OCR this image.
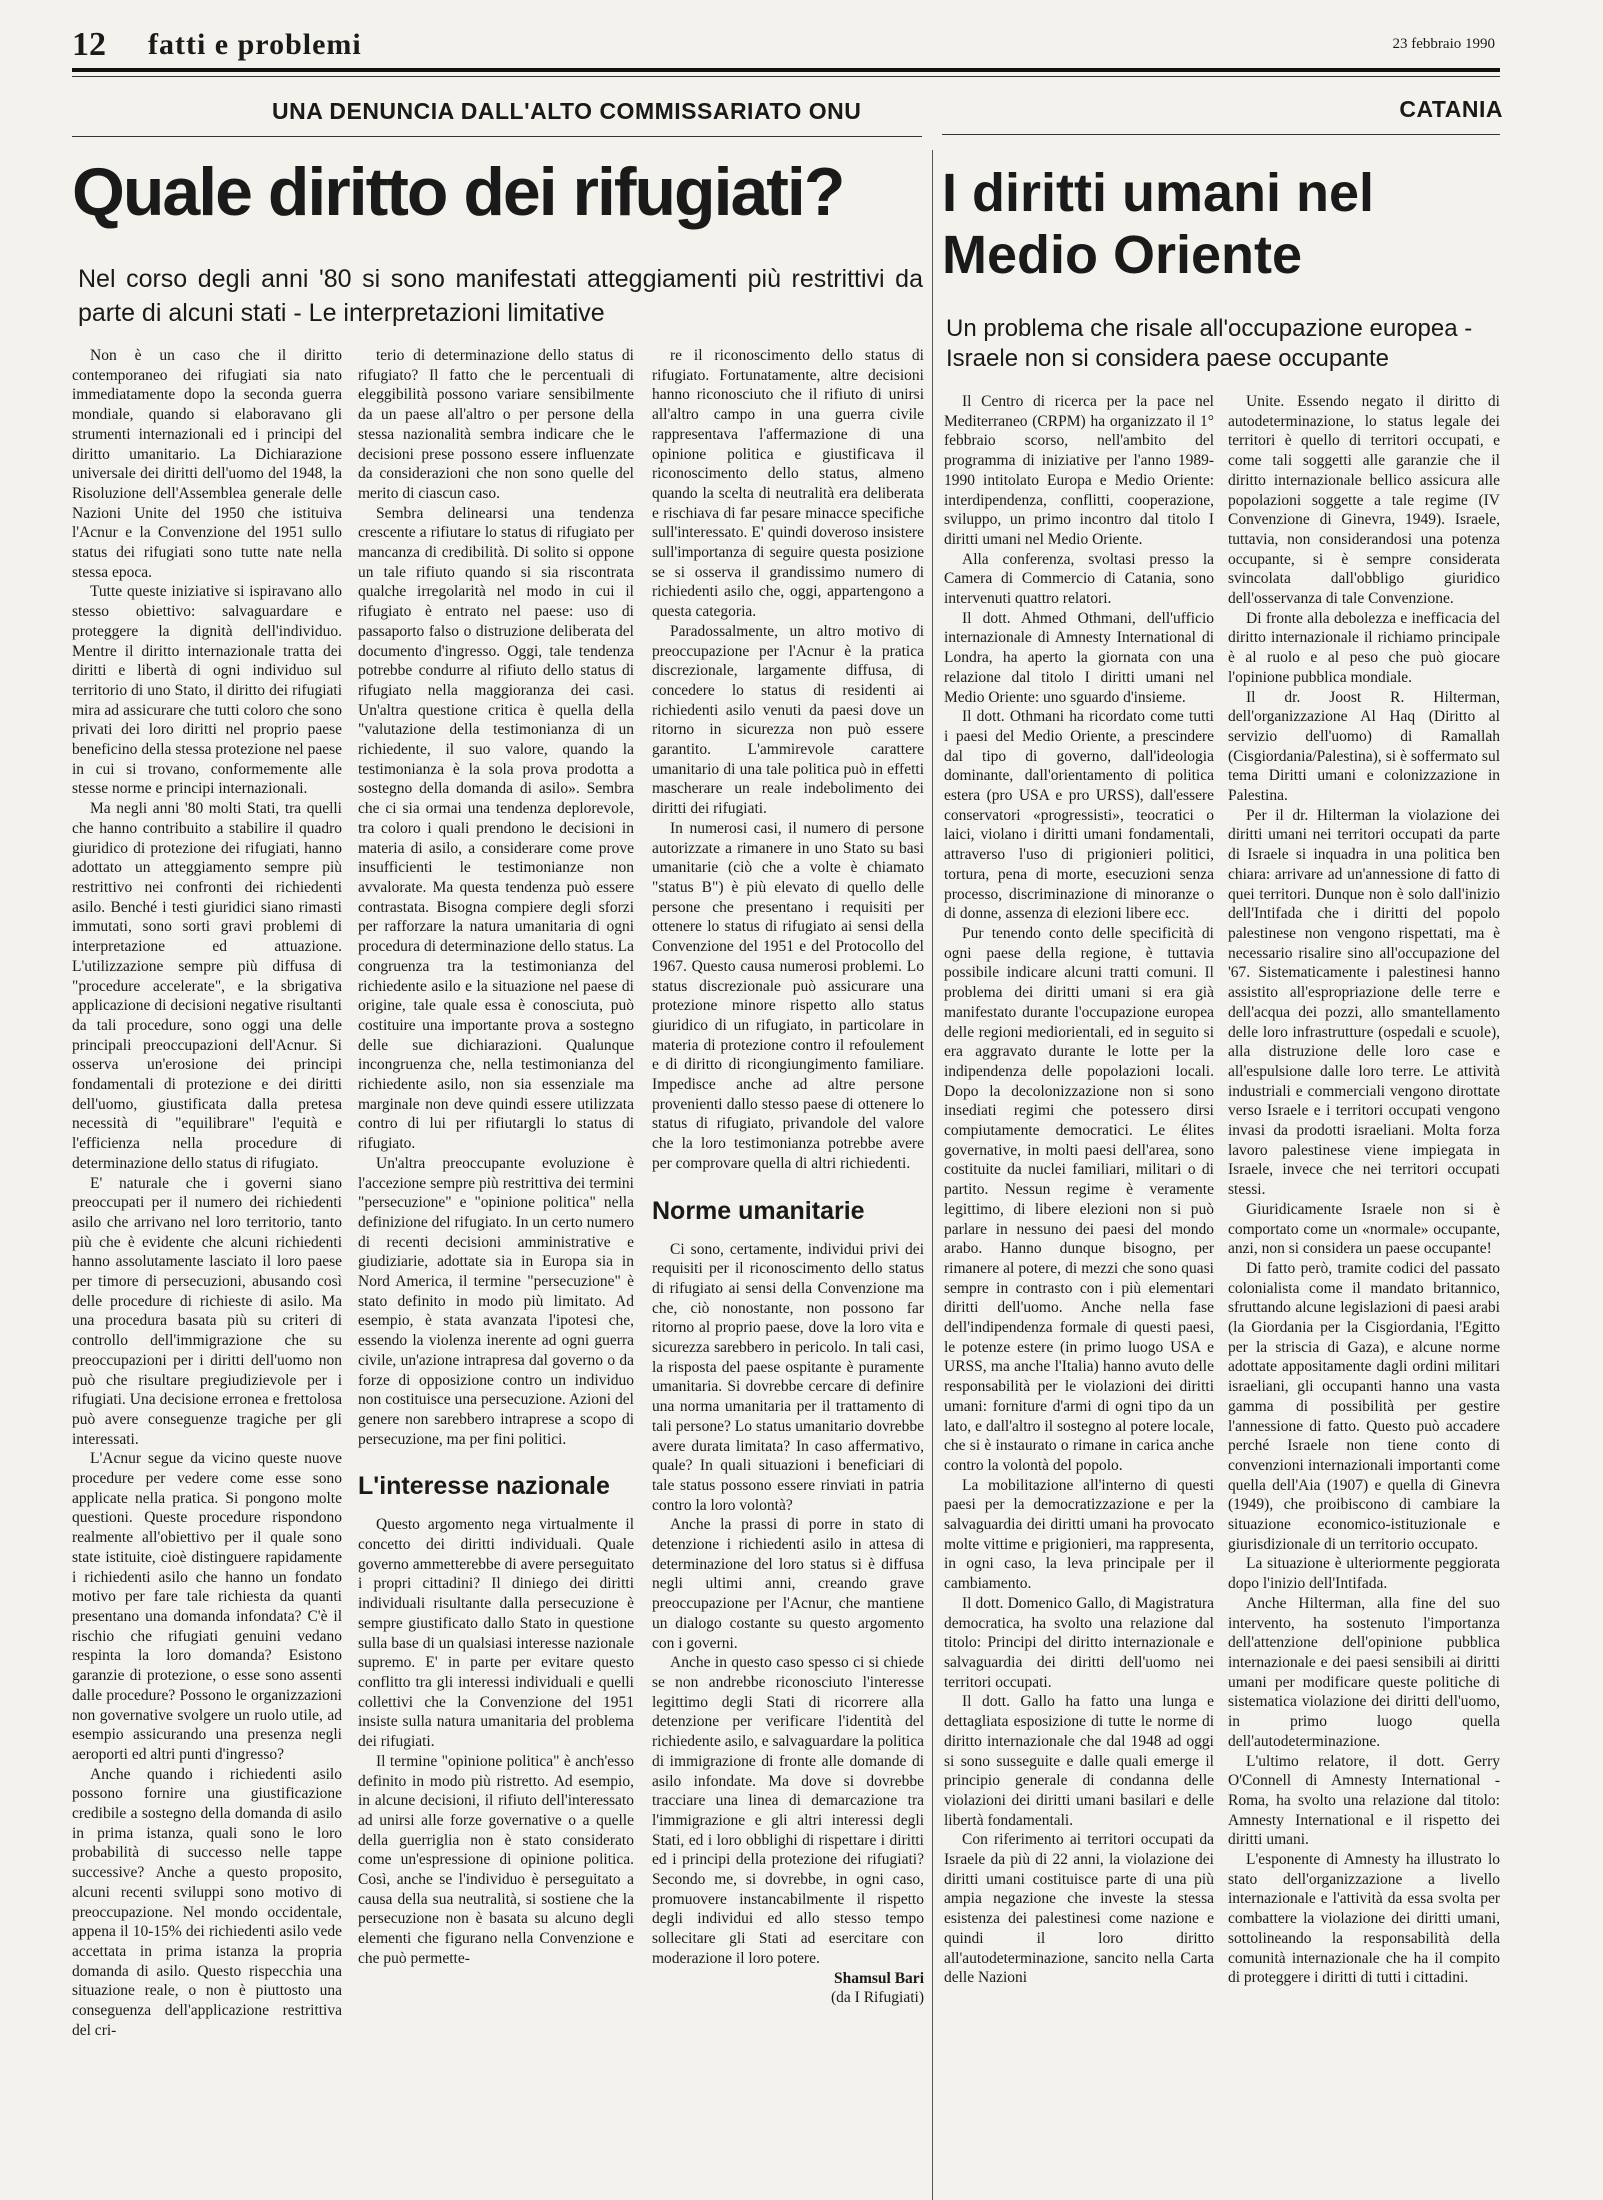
12 fatti e problemi	23 febbraio 1990
UNA DENUNCIA DALL'ALTO COMMISSARIATO ONU
Quale diritto dei rifugiati?
Nel corso degli anni '80 si sono manifestati atteggiamenti più restrittivi da parte di alcuni stati - Le interpretazioni limitative

Non è un caso che il diritto contemporaneo dei rifugiati sia nato immediatamente dopo la seconda guerra mondiale, quando si elaboravano gli strumenti internazionali ed i principi del diritto umanitario. La Dichiarazione universale dei diritti dell'uomo del 1948, la Risoluzione dell'Assemblea generale delle Nazioni Unite del 1950 che istituiva l'Acnur e la Convenzione del 1951 sullo status dei rifugiati sono tutte nate nella stessa epoca.

Tutte queste iniziative si ispiravano allo stesso obiettivo: salvaguardare e proteggere la dignità dell'individuo. Mentre il diritto internazionale tratta dei diritti e libertà di ogni individuo sul territorio di uno Stato, il diritto dei rifugiati mira ad assicurare che tutti coloro che sono privati dei loro diritti nel proprio paese beneficino della stessa protezione nel paese in cui si trovano, conformemente alle stesse norme e principi internazionali.

Ma negli anni '80 molti Stati, tra quelli che hanno contribuito a stabilire il quadro giuridico di protezione dei rifugiati, hanno adottato un atteggiamento sempre più restrittivo nei confronti dei richiedenti asilo. Benché i testi giuridici siano rimasti immutati, sono sorti gravi problemi di interpretazione ed attuazione. L'utilizzazione sempre più diffusa di "procedure accelerate", e la sbrigativa applicazione di decisioni negative risultanti da tali procedure, sono oggi una delle principali preoccupazioni dell'Acnur. Si osserva un'erosione dei principi fondamentali di protezione e dei diritti dell'uomo, giustificata dalla pretesa necessità di "equilibrare" l'equità e l'efficienza nella procedure di determinazione dello status di rifugiato.

E' naturale che i governi siano preoccupati per il numero dei richiedenti asilo che arrivano nel loro territorio, tanto più che è evidente che alcuni richiedenti hanno assolutamente lasciato il loro paese per timore di persecuzioni, abusando così delle procedure di richieste di asilo. Ma una procedura basata più su criteri di controllo dell'immigrazione che su preoccupazioni per i diritti dell'uomo non può che risultare pregiudizievole per i rifugiati. Una decisione erronea e frettolosa può avere conseguenze tragiche per gli interessati.

L'Acnur segue da vicino queste nuove procedure per vedere come esse sono applicate nella pratica. Si pongono molte questioni. Queste procedure rispondono realmente all'obiettivo per il quale sono state istituite, cioè distinguere rapidamente i richiedenti asilo che hanno un fondato motivo per fare tale richiesta da quanti presentano una domanda infondata? C'è il rischio che rifugiati genuini vedano respinta la loro domanda? Esistono garanzie di protezione, o esse sono assenti dalle procedure? Possono le organizzazioni non governative svolgere un ruolo utile, ad esempio assicurando una presenza negli aeroporti ed altri punti d'ingresso?

Anche quando i richiedenti asilo possono fornire una giustificazione credibile a sostegno della domanda di asilo in prima istanza, quali sono le loro probabilità di successo nelle tappe successive? Anche a questo proposito, alcuni recenti sviluppi sono motivo di preoccupazione. Nel mondo occidentale, appena il 10-15% dei richiedenti asilo vede accettata in prima istanza la propria domanda di asilo. Questo rispecchia una situazione reale, o non è piuttosto una conseguenza dell'applicazione restrittiva del cri-

terio di determinazione dello status di rifugiato? Il fatto che le percentuali di eleggibilità possono variare sensibilmente da un paese all'altro o per persone della stessa nazionalità sembra indicare che le decisioni prese possono essere influenzate da considerazioni che non sono quelle del merito di ciascun caso.

Sembra delinearsi una tendenza crescente a rifiutare lo status di rifugiato per mancanza di credibilità. Di solito si oppone un tale rifiuto quando si sia riscontrata qualche irregolarità nel modo in cui il rifugiato è entrato nel paese: uso di passaporto falso o distruzione deliberata del documento d'ingresso. Oggi, tale tendenza potrebbe condurre al rifiuto dello status di rifugiato nella maggioranza dei casi. Un'altra questione critica è quella della "valutazione della testimonianza di un richiedente, il suo valore, quando la testimonianza è la sola prova prodotta a sostegno della domanda di asilo». Sembra che ci sia ormai una tendenza deplorevole, tra coloro i quali prendono le decisioni in materia di asilo, a considerare come prove insufficienti le testimonianze non avvalorate. Ma questa tendenza può essere contrastata. Bisogna compiere degli sforzi per rafforzare la natura umanitaria di ogni procedura di determinazione dello status. La congruenza tra la testimonianza del richiedente asilo e la situazione nel paese di origine, tale quale essa è conosciuta, può costituire una importante prova a sostegno delle sue dichiarazioni. Qualunque incongruenza che, nella testimonianza del richiedente asilo, non sia essenziale ma marginale non deve quindi essere utilizzata contro di lui per rifiutargli lo status di rifugiato.

Un'altra preoccupante evoluzione è l'accezione sempre più restrittiva dei termini "persecuzione" e "opinione politica" nella definizione del rifugiato. In un certo numero di recenti decisioni amministrative e giudiziarie, adottate sia in Europa sia in Nord America, il termine "persecuzione" è stato definito in modo più limitato. Ad esempio, è stata avanzata l'ipotesi che, essendo la violenza inerente ad ogni guerra civile, un'azione intrapresa dal governo o da forze di opposizione contro un individuo non costituisce una persecuzione. Azioni del genere non sarebbero intraprese a scopo di persecuzione, ma per fini politici.

L'interesse nazionale

Questo argomento nega virtualmente il concetto dei diritti individuali. Quale governo ammetterebbe di avere perseguitato i propri cittadini? Il diniego dei diritti individuali risultante dalla persecuzione è sempre giustificato dallo Stato in questione sulla base di un qualsiasi interesse nazionale supremo. E' in parte per evitare questo conflitto tra gli interessi individuali e quelli collettivi che la Convenzione del 1951 insiste sulla natura umanitaria del problema dei rifugiati.

Il termine "opinione politica" è anch'esso definito in modo più ristretto. Ad esempio, in alcune decisioni, il rifiuto dell'interessato ad unirsi alle forze governative o a quelle della guerriglia non è stato considerato come un'espressione di opinione politica. Così, anche se l'individuo è perseguitato a causa della sua neutralità, si sostiene che la persecuzione non è basata su alcuno degli elementi che figurano nella Convenzione e che può permette-

re il riconoscimento dello status di rifugiato. Fortunatamente, altre decisioni hanno riconosciuto che il rifiuto di unirsi all'altro campo in una guerra civile rappresentava l'affermazione di una opinione politica e giustificava il riconoscimento dello status, almeno quando la scelta di neutralità era deliberata e rischiava di far pesare minacce specifiche sull'interessato. E' quindi doveroso insistere sull'importanza di seguire questa posizione se si osserva il grandissimo numero di richiedenti asilo che, oggi, appartengono a questa categoria.

Paradossalmente, un altro motivo di preoccupazione per l'Acnur è la pratica discrezionale, largamente diffusa, di concedere lo status di residenti ai richiedenti asilo venuti da paesi dove un ritorno in sicurezza non può essere garantito. L'ammirevole carattere umanitario di una tale politica può in effetti mascherare un reale indebolimento dei diritti dei rifugiati.

In numerosi casi, il numero di persone autorizzate a rimanere in uno Stato su basi umanitarie (ciò che a volte è chiamato "status B") è più elevato di quello delle persone che presentano i requisiti per ottenere lo status di rifugiato ai sensi della Convenzione del 1951 e del Protocollo del 1967. Questo causa numerosi problemi. Lo status discrezionale può assicurare una protezione minore rispetto allo status giuridico di un rifugiato, in particolare in materia di protezione contro il refoulement e di diritto di ricongiungimento familiare. Impedisce anche ad altre persone provenienti dallo stesso paese di ottenere lo status di rifugiato, privandole del valore che la loro testimonianza potrebbe avere per comprovare quella di altri richiedenti.

Norme umanitarie

Ci sono, certamente, individui privi dei requisiti per il riconoscimento dello status di rifugiato ai sensi della Convenzione ma che, ciò nonostante, non possono far ritorno al proprio paese, dove la loro vita e sicurezza sarebbero in pericolo. In tali casi, la risposta del paese ospitante è puramente umanitaria. Si dovrebbe cercare di definire una norma umanitaria per il trattamento di tali persone? Lo status umanitario dovrebbe avere durata limitata? In caso affermativo, quale? In quali situazioni i beneficiari di tale status possono essere rinviati in patria contro la loro volontà?

Anche la prassi di porre in stato di detenzione i richiedenti asilo in attesa di determinazione del loro status si è diffusa negli ultimi anni, creando grave preoccupazione per l'Acnur, che mantiene un dialogo costante su questo argomento con i governi.

Anche in questo caso spesso ci si chiede se non andrebbe riconosciuto l'interesse legittimo degli Stati di ricorrere alla detenzione per verificare l'identità del richiedente asilo, e salvaguardare la politica di immigrazione di fronte alle domande di asilo infondate. Ma dove si dovrebbe tracciare una linea di demarcazione tra l'immigrazione e gli altri interessi degli Stati, ed i loro obblighi di rispettare i diritti ed i principi della protezione dei rifugiati? Secondo me, si dovrebbe, in ogni caso, promuovere instancabilmente il rispetto degli individui ed allo stesso tempo sollecitare gli Stati ad esercitare con moderazione il loro potere.

Shamsul Bari

(da I Rifugiati)

CATANIA
I diritti umani nel Medio Oriente
Un problema che risale all'occupazione europea - Israele non si considera paese occupante

Il Centro di ricerca per la pace nel Mediterraneo (CRPM) ha organizzato il 1° febbraio scorso, nell'ambito del programma di iniziative per l'anno 1989-1990 intitolato Europa e Medio Oriente: interdipendenza, conflitti, cooperazione, sviluppo, un primo incontro dal titolo I diritti umani nel Medio Oriente.

Alla conferenza, svoltasi presso la Camera di Commercio di Catania, sono intervenuti quattro relatori.

Il dott. Ahmed Othmani, dell'ufficio internazionale di Amnesty International di Londra, ha aperto la giornata con una relazione dal titolo I diritti umani nel Medio Oriente: uno sguardo d'insieme.

Il dott. Othmani ha ricordato come tutti i paesi del Medio Oriente, a prescindere dal tipo di governo, dall'ideologia dominante, dall'orientamento di politica estera (pro USA e pro URSS), dall'essere conservatori «progressisti», teocratici o laici, violano i diritti umani fondamentali, attraverso l'uso di prigionieri politici, tortura, pena di morte, esecuzioni senza processo, discriminazione di minoranze o di donne, assenza di elezioni libere ecc.

Pur tenendo conto delle specificità di ogni paese della regione, è tuttavia possibile indicare alcuni tratti comuni. Il problema dei diritti umani si era già manifestato durante l'occupazione europea delle regioni mediorientali, ed in seguito si era aggravato durante le lotte per la indipendenza delle popolazioni locali. Dopo la decolonizzazione non si sono insediati regimi che potessero dirsi compiutamente democratici. Le élites governative, in molti paesi dell'area, sono costituite da nuclei familiari, militari o di partito. Nessun regime è veramente legittimo, di libere elezioni non si può parlare in nessuno dei paesi del mondo arabo. Hanno dunque bisogno, per rimanere al potere, di mezzi che sono quasi sempre in contrasto con i più elementari diritti dell'uomo. Anche nella fase dell'indipendenza formale di questi paesi, le potenze estere (in primo luogo USA e URSS, ma anche l'Italia) hanno avuto delle responsabilità per le violazioni dei diritti umani: forniture d'armi di ogni tipo da un lato, e dall'altro il sostegno al potere locale, che si è instaurato o rimane in carica anche contro la volontà del popolo.

La mobilitazione all'interno di questi paesi per la democratizzazione e per la salvaguardia dei diritti umani ha provocato molte vittime e prigionieri, ma rappresenta, in ogni caso, la leva principale per il cambiamento.

Il dott. Domenico Gallo, di Magistratura democratica, ha svolto una relazione dal titolo: Principi del diritto internazionale e salvaguardia dei diritti dell'uomo nei territori occupati.

Il dott. Gallo ha fatto una lunga e dettagliata esposizione di tutte le norme di diritto internazionale che dal 1948 ad oggi si sono susseguite e dalle quali emerge il principio generale di condanna delle violazioni dei diritti umani basilari e delle libertà fondamentali.

Con riferimento ai territori occupati da Israele da più di 22 anni, la violazione dei diritti umani costituisce parte di una più ampia negazione che investe la stessa esistenza dei palestinesi come nazione e quindi il loro diritto all'autodeterminazione, sancito nella Carta delle Nazioni

Unite. Essendo negato il diritto di autodeterminazione, lo status legale dei territori è quello di territori occupati, e come tali soggetti alle garanzie che il diritto internazionale bellico assicura alle popolazioni soggette a tale regime (IV Convenzione di Ginevra, 1949). Israele, tuttavia, non considerandosi una potenza occupante, si è sempre considerata svincolata dall'obbligo giuridico dell'osservanza di tale Convenzione.

Di fronte alla debolezza e inefficacia del diritto internazionale il richiamo principale è al ruolo e al peso che può giocare l'opinione pubblica mondiale.

Il dr. Joost R. Hilterman, dell'organizzazione Al Haq (Diritto al servizio dell'uomo) di Ramallah (Cisgiordania/Palestina), si è soffermato sul tema Diritti umani e colonizzazione in Palestina.

Per il dr. Hilterman la violazione dei diritti umani nei territori occupati da parte di Israele si inquadra in una politica ben chiara: arrivare ad un'annessione di fatto di quei territori. Dunque non è solo dall'inizio dell'Intifada che i diritti del popolo palestinese non vengono rispettati, ma è necessario risalire sino all'occupazione del '67. Sistematicamente i palestinesi hanno assistito all'espropriazione delle terre e dell'acqua dei pozzi, allo smantellamento delle loro infrastrutture (ospedali e scuole), alla distruzione delle loro case e all'espulsione dalle loro terre. Le attività industriali e commerciali vengono dirottate verso Israele e i territori occupati vengono invasi da prodotti israeliani. Molta forza lavoro palestinese viene impiegata in Israele, invece che nei territori occupati stessi.

Giuridicamente Israele non si è comportato come un «normale» occupante, anzi, non si considera un paese occupante!

Di fatto però, tramite codici del passato colonialista come il mandato britannico, sfruttando alcune legislazioni di paesi arabi (la Giordania per la Cisgiordania, l'Egitto per la striscia di Gaza), e alcune norme adottate appositamente dagli ordini militari israeliani, gli occupanti hanno una vasta gamma di possibilità per gestire l'annessione di fatto. Questo può accadere perché Israele non tiene conto di convenzioni internazionali importanti come quella dell'Aia (1907) e quella di Ginevra (1949), che proibiscono di cambiare la situazione economico-istituzionale e giurisdizionale di un territorio occupato.

La situazione è ulteriormente peggiorata dopo l'inizio dell'Intifada.

Anche Hilterman, alla fine del suo intervento, ha sostenuto l'importanza dell'attenzione dell'opinione pubblica internazionale e dei paesi sensibili ai diritti umani per modificare queste politiche di sistematica violazione dei diritti dell'uomo, in primo luogo quella dell'autodeterminazione.

L'ultimo relatore, il dott. Gerry O'Connell di Amnesty International - Roma, ha svolto una relazione dal titolo: Amnesty International e il rispetto dei diritti umani.

L'esponente di Amnesty ha illustrato lo stato dell'organizzazione a livello internazionale e l'attività da essa svolta per combattere la violazione dei diritti umani, sottolineando la responsabilità della comunità internazionale che ha il compito di proteggere i diritti di tutti i cittadini.
